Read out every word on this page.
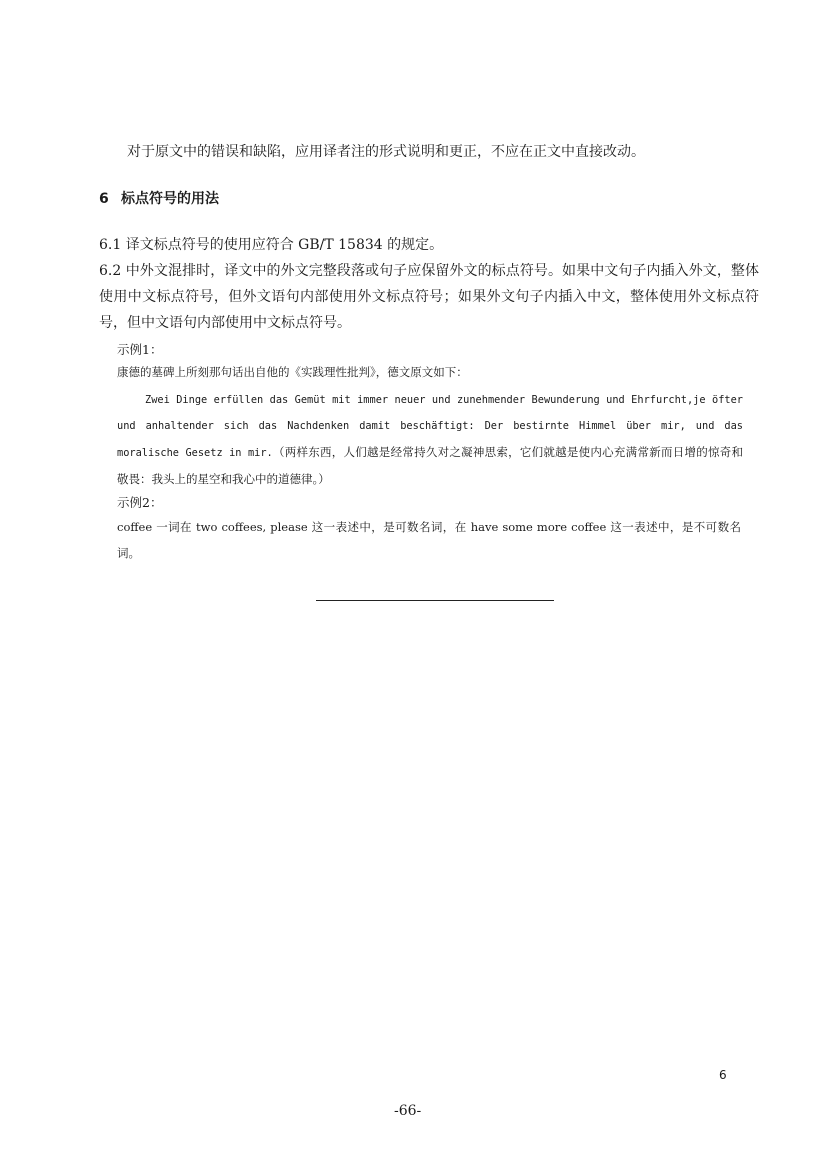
对于原文中的错误和缺陷，应用译者注的形式说明和更正，不应在正文中直接改动。
6 标点符号的用法
6.1 译文标点符号的使用应符合 GB/T 15834 的规定。
6.2 中外文混排时，译文中的外文完整段落或句子应保留外文的标点符号。如果中文句子内插入外文，整体使用中文标点符号，但外文语句内部使用外文标点符号；如果外文句子内插入中文，整体使用外文标点符号，但中文语句内部使用中文标点符号。
示例1：
康德的墓碑上所刻那句话出自他的《实践理性批判》，德文原文如下：
Zwei Dinge erfüllen das Gemüt mit immer neuer und zunehmender Bewunderung und Ehrfurcht,je öfter und anhaltender sich das Nachdenken damit beschäftigt: Der bestirnte Himmel über mir, und das moralische Gesetz in mir.（两样东西，人们越是经常持久对之凝神思索，它们就越是使内心充满常新而日增的惊奇和敬畏：我头上的星空和我心中的道德律。）
示例2：
coffee 一词在 two coffees, please 这一表述中，是可数名词，在 have some more coffee 这一表述中，是不可数名词。
6
-66-
